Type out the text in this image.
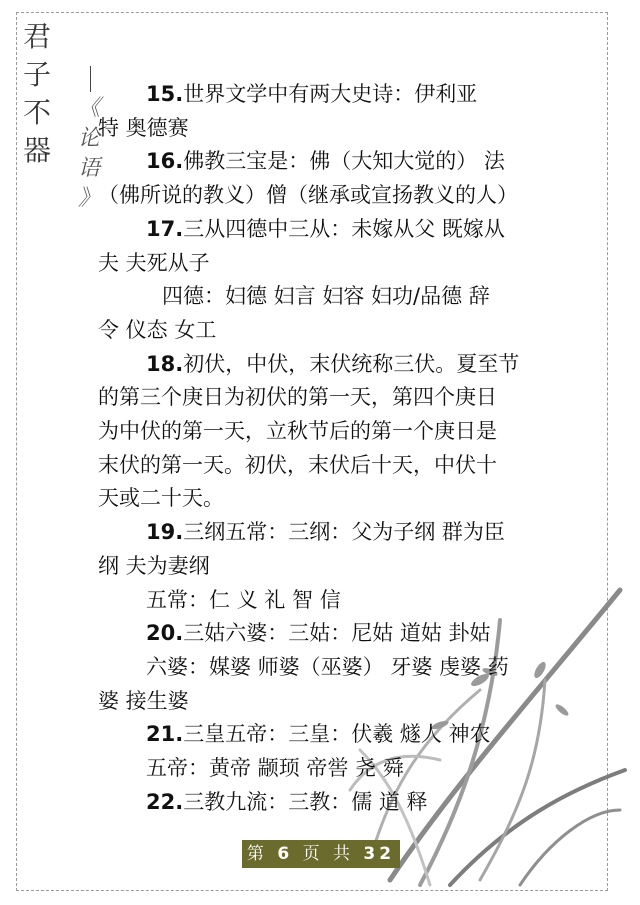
君
子
不
器
《
论
语
》

15.世界文学中有两大史诗：伊利亚

特 奥德赛

16.佛教三宝是：佛（大知大觉的） 法

（佛所说的教义）僧（继承或宣扬教义的人）

17.三从四德中三从：未嫁从父 既嫁从

夫 夫死从子

四德：妇德 妇言 妇容 妇功/品德 辞

令 仪态 女工

18.初伏，中伏，末伏统称三伏。夏至节

的第三个庚日为初伏的第一天，第四个庚日

为中伏的第一天，立秋节后的第一个庚日是

末伏的第一天。初伏，末伏后十天，中伏十

天或二十天。

19.三纲五常：三纲：父为子纲 群为臣

纲 夫为妻纲

五常：仁 义 礼 智 信

20.三姑六婆：三姑：尼姑 道姑 卦姑

六婆：媒婆 师婆（巫婆） 牙婆 虔婆 药

婆 接生婆

21.三皇五帝：三皇：伏羲 燧人 神农

五帝：黄帝 颛顼 帝喾 尧 舜

22.三教九流：三教：儒 道 释

第 6 页 共 32 页
